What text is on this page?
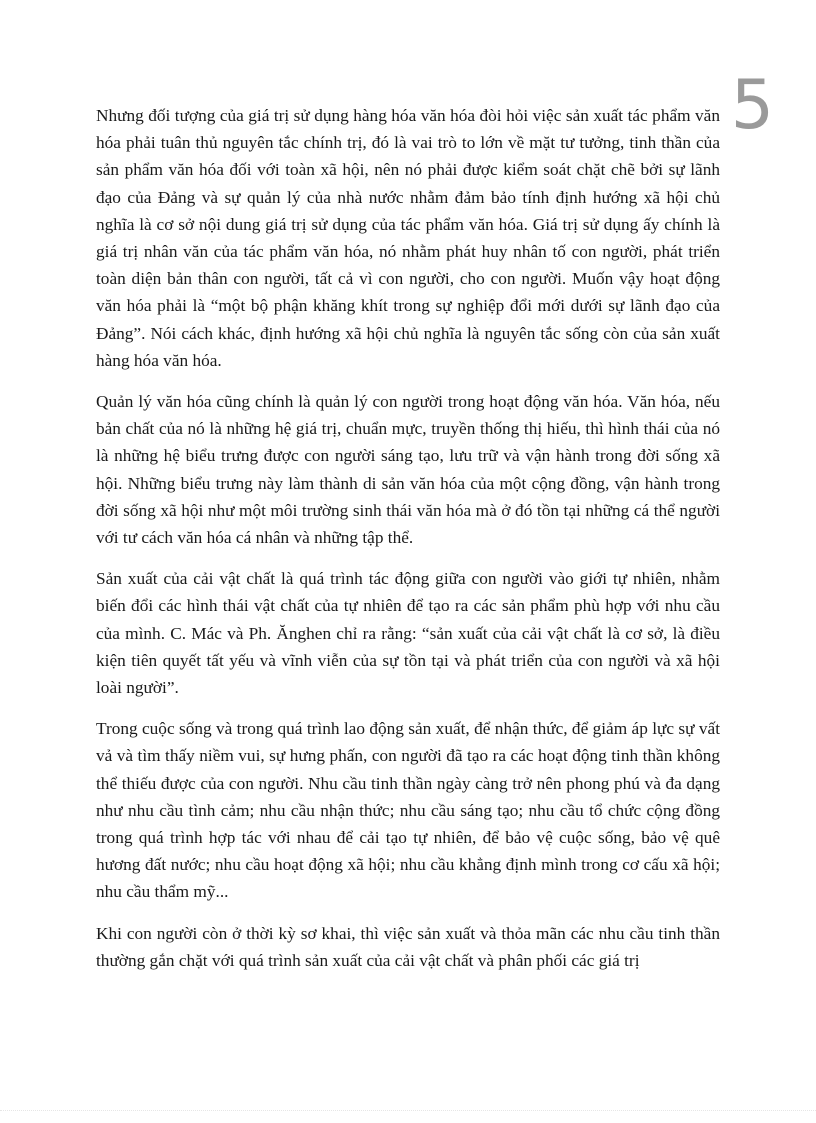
5

Nhưng đối tượng của giá trị sử dụng hàng hóa văn hóa đòi hỏi việc sản xuất tác phẩm văn hóa phải tuân thủ nguyên tắc chính trị, đó là vai trò to lớn về mặt tư tưởng, tinh thần của sản phẩm văn hóa đối với toàn xã hội, nên nó phải được kiểm soát chặt chẽ bởi sự lãnh đạo của Đảng và sự quản lý của nhà nước nhằm đảm bảo tính định hướng xã hội chủ nghĩa là cơ sở nội dung giá trị sử dụng của tác phẩm văn hóa. Giá trị sử dụng ấy chính là giá trị nhân văn của tác phẩm văn hóa, nó nhằm phát huy nhân tố con người, phát triển toàn diện bản thân con người, tất cả vì con người, cho con người. Muốn vậy hoạt động văn hóa phải là “một bộ phận khăng khít trong sự nghiệp đổi mới dưới sự lãnh đạo của Đảng”. Nói cách khác, định hướng xã hội chủ nghĩa là nguyên tắc sống còn của sản xuất hàng hóa văn hóa.

Quản lý văn hóa cũng chính là quản lý con người trong hoạt động văn hóa. Văn hóa, nếu bản chất của nó là những hệ giá trị, chuẩn mực, truyền thống thị hiếu, thì hình thái của nó là những hệ biểu trưng được con người sáng tạo, lưu trữ và vận hành trong đời sống xã hội. Những biểu trưng này làm thành di sản văn hóa của một cộng đồng, vận hành trong đời sống xã hội như một môi trường sinh thái văn hóa mà ở đó tồn tại những cá thể người với tư cách văn hóa cá nhân và những tập thể.

Sản xuất của cải vật chất là quá trình tác động giữa con người vào giới tự nhiên, nhằm biến đổi các hình thái vật chất của tự nhiên để tạo ra các sản phẩm phù hợp với nhu cầu của mình. C. Mác và Ph. Ănghen chỉ ra rằng: “sản xuất của cải vật chất là cơ sở, là điều kiện tiên quyết tất yếu và vĩnh viễn của sự tồn tại và phát triển của con người và xã hội loài người”.

Trong cuộc sống và trong quá trình lao động sản xuất, để nhận thức, để giảm áp lực sự vất vả và tìm thấy niềm vui, sự hưng phấn, con người đã tạo ra các hoạt động tinh thần không thể thiếu được của con người. Nhu cầu tinh thần ngày càng trở nên phong phú và đa dạng như nhu cầu tình cảm; nhu cầu nhận thức; nhu cầu sáng tạo; nhu cầu tổ chức cộng đồng trong quá trình hợp tác với nhau để cải tạo tự nhiên, để bảo vệ cuộc sống, bảo vệ quê hương đất nước; nhu cầu hoạt động xã hội; nhu cầu khẳng định mình trong cơ cấu xã hội; nhu cầu thẩm mỹ...

Khi con người còn ở thời kỳ sơ khai, thì việc sản xuất và thỏa mãn các nhu cầu tinh thần thường gắn chặt với quá trình sản xuất của cải vật chất và phân phối các giá trị
